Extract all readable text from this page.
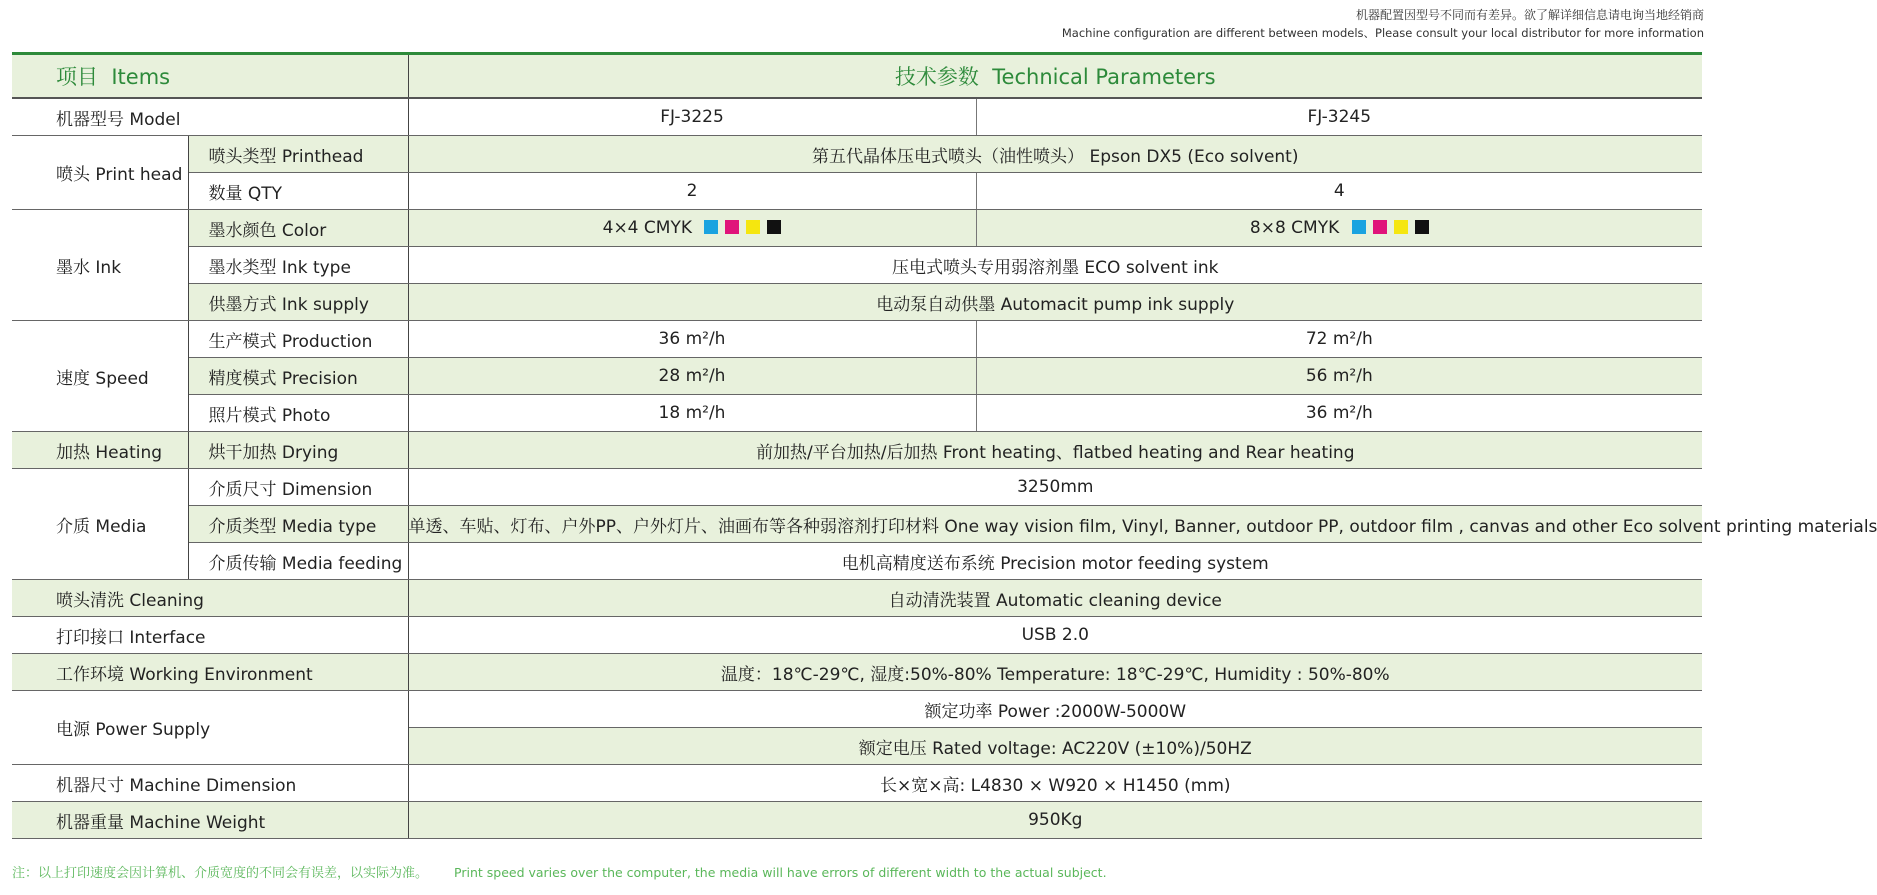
机器配置因型号不同而有差异。欲了解详细信息请电询当地经销商
Machine configuration are different between models、Please consult your local distributor for more information
项目 Items		技术参数 Technical Parameters	
机器型号 Model		FJ-3225	FJ-3245
喷头 Print head	喷头类型 Printhead	第五代晶体压电式喷头（油性喷头） Epson DX5 (Eco solvent)	
	数量 QTY	2	4
墨水 Ink	墨水颜色 Color	4×4 CMYK	8×8 CMYK
	墨水类型 Ink type	压电式喷头专用弱溶剂墨 ECO solvent ink	
	供墨方式 Ink supply	电动泵自动供墨 Automacit pump ink supply	
速度 Speed	生产模式 Production	36 m²/h	72 m²/h
	精度模式 Precision	28 m²/h	56 m²/h
	照片模式 Photo	18 m²/h	36 m²/h
加热 Heating	烘干加热 Drying	前加热/平台加热/后加热 Front heating、flatbed heating and Rear heating	
介质 Media	介质尺寸 Dimension	3250mm	
	介质类型 Media type	单透、车贴、灯布、户外PP、户外灯片、油画布等各种弱溶剂打印材料 One way vision film, Vinyl, Banner, outdoor PP, outdoor film , canvas and other Eco solvent printing materials	
	介质传输 Media feeding	电机高精度送布系统 Precision motor feeding system	
喷头清洗 Cleaning		自动清洗装置 Automatic cleaning device	
打印接口 Interface		USB 2.0	
工作环境 Working Environment		温度：18℃-29℃, 湿度:50%-80% Temperature: 18℃-29℃, Humidity : 50%-80%	
电源 Power Supply		额定功率 Power :2000W-5000W	
		额定电压 Rated voltage: AC220V (±10%)/50HZ	
机器尺寸 Machine Dimension		长×宽×高: L4830 × W920 × H1450 (mm)	
机器重量 Machine Weight		950Kg	
注：以上打印速度会因计算机、介质宽度的不同会有误差，以实际为准。 Print speed varies over the computer, the media will have errors of different width to the actual subject.
